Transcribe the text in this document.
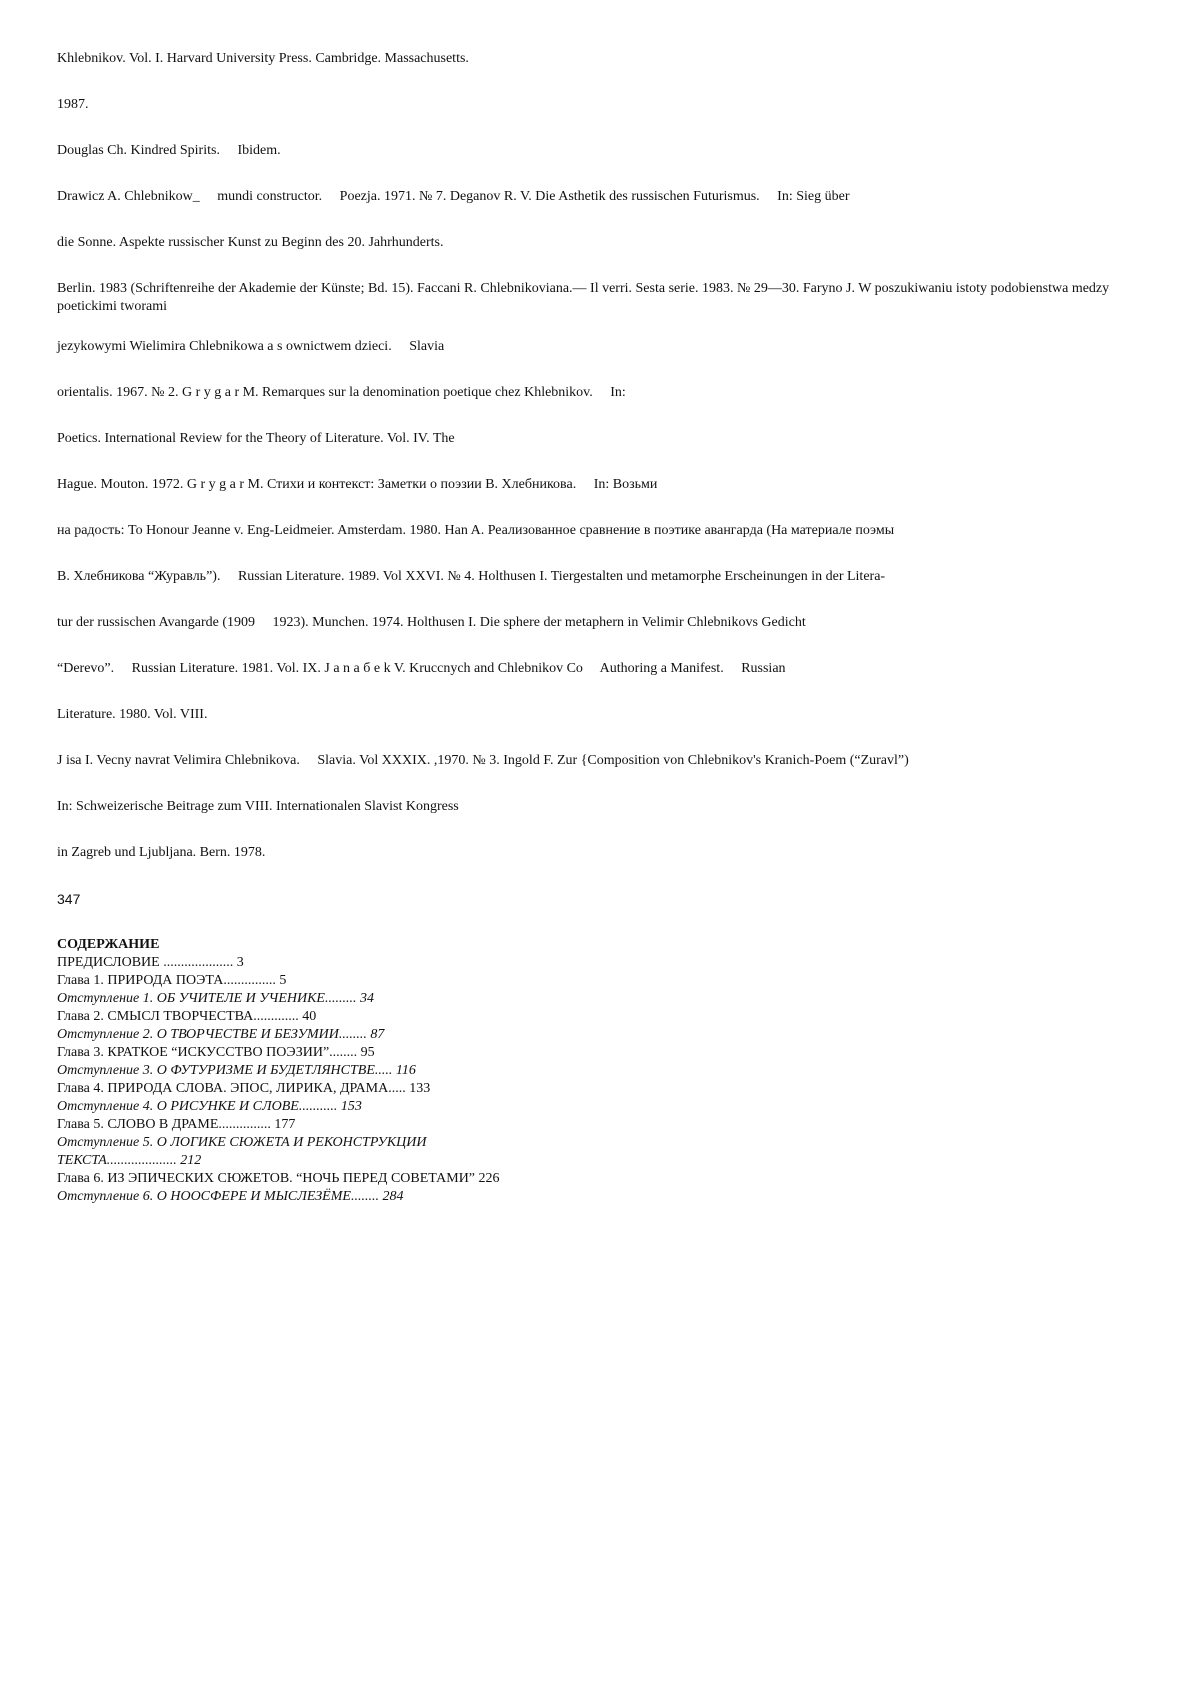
Khlebnikov. Vol. I. Harvard University Press. Cambridge. Massachusetts.

1987.

Douglas Ch. Kindred Spirits.     Ibidem.

Drawicz A. Chlebnikow_     mundi constructor.     Poezja. 1971. № 7. Deganov R. V. Die Asthetik des russischen Futurismus.     In: Sieg über

die Sonne. Aspekte russischer Kunst zu Beginn des 20. Jahrhunderts.

Berlin. 1983 (Schriftenreihe der Akademie der Künste; Bd. 15). Faccani R. Chlebnikoviana.— Il verri. Sesta serie. 1983. № 29—30. Faryno J. W poszukiwaniu istoty podobienstwa medzy poetickimi tworami

jezykowymi Wielimira Chlebnikowa a s ownictwem dzieci.     Slavia

orientalis. 1967. № 2. G r y g a r M. Remarques sur la denomination poetique chez Khlebnikov.     In:

Poetics. International Review for the Theory of Literature. Vol. IV. The

Hague. Mouton. 1972. G r y g a r M. Стихи и контекст: Заметки о поэзии В. Хлебникова.     In: Возьми

на радость: To Honour Jeanne v. Eng-Leidmeier. Amsterdam. 1980. Han A. Реализованное сравнение в поэтике авангарда (На материале поэмы

В. Хлебникова “Журавль”).     Russian Literature. 1989. Vol XXVI. № 4. Holthusen I. Tiergestalten und metamorphe Erscheinungen in der Litera-

tur der russischen Avangarde (1909     1923). Munchen. 1974. Holthusen I. Die sphere der metaphern in Velimir Chlebnikovs Gedicht

“Derevo”.     Russian Literature. 1981. Vol. IX. J a n a б e k V. Kruccnych and Chlebnikov Co     Authoring a Manifest.     Russian

Literature. 1980. Vol. VIII.

J isa I. Vecny navrat Velimira Chlebnikova.     Slavia. Vol XXXIX. ,1970. № 3. Ingold F. Zur {Composition von Chlebnikov's Kranich-Poem (“Zuravl”)

In: Schweizerische Beitrage zum VIII. Internationalen Slavist Kongress

in Zagreb und Ljubljana. Bern. 1978.

347

СОДЕРЖАНИЕ

ПРЕДИСЛОВИЕ .................... 3

Глава 1. ПРИРОДА ПОЭТА............... 5

Отступление 1. ОБ УЧИТЕЛЕ И УЧЕНИКЕ......... 34

Глава 2. СМЫСЛ ТВОРЧЕСТВА............. 40

Отступление 2. О ТВОРЧЕСТВЕ И БЕЗУМИИ........ 87

Глава 3. КРАТКОЕ “ИСКУССТВО ПОЭЗИИ”........ 95

Отступление 3. О ФУТУРИЗМЕ И БУДЕТЛЯНСТВЕ..... 116

Глава 4. ПРИРОДА СЛОВА. ЭПОС, ЛИРИКА, ДРАМА..... 133

Отступление 4. О РИСУНКЕ И СЛОВЕ........... 153

Глава 5. СЛОВО В ДРАМЕ............... 177

Отступление 5. О ЛОГИКЕ СЮЖЕТА И РЕКОНСТРУКЦИИ

ТЕКСТА.................... 212

Глава 6. ИЗ ЭПИЧЕСКИХ СЮЖЕТОВ. “НОЧЬ ПЕРЕД СОВЕТАМИ” 226

Отступление 6. О НООСФЕРЕ И МЫСЛЕЗЁМЕ........ 284
